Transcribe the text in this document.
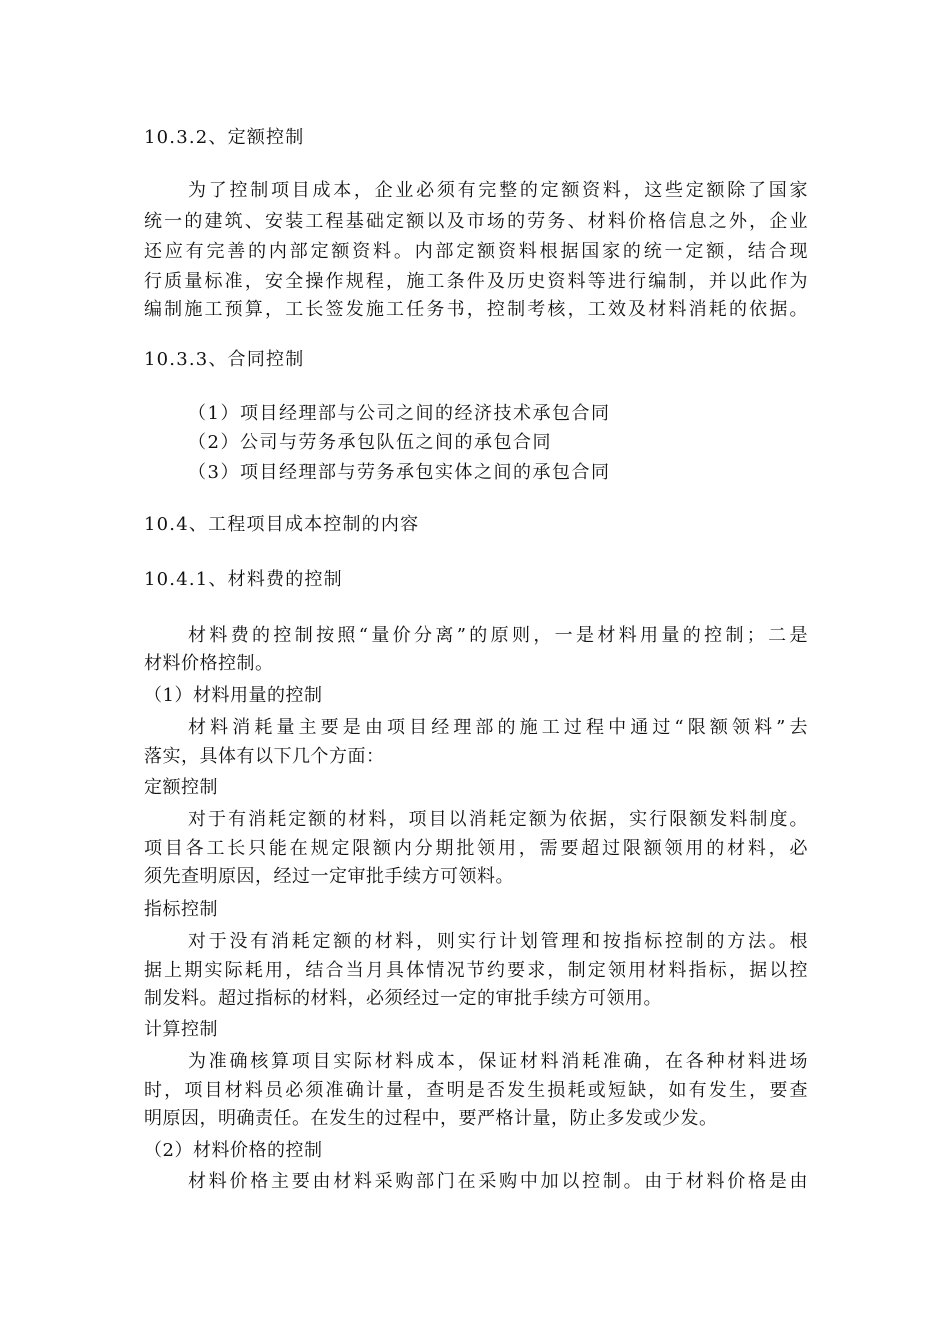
10.3.2、定额控制
为了控制项目成本，企业必须有完整的定额资料，这些定额除了国家
统一的建筑、安装工程基础定额以及市场的劳务、材料价格信息之外，企业
还应有完善的内部定额资料。内部定额资料根据国家的统一定额，结合现
行质量标准，安全操作规程，施工条件及历史资料等进行编制，并以此作为
编制施工预算，工长签发施工任务书，控制考核，工效及材料消耗的依据。
10.3.3、合同控制
（1）项目经理部与公司之间的经济技术承包合同
（2）公司与劳务承包队伍之间的承包合同
（3）项目经理部与劳务承包实体之间的承包合同
10.4、工程项目成本控制的内容
10.4.1、材料费的控制
材料费的控制按照“量价分离”的原则，一是材料用量的控制；二是
材料价格控制。
（1）材料用量的控制
材料消耗量主要是由项目经理部的施工过程中通过“限额领料”去
落实，具体有以下几个方面：
定额控制
对于有消耗定额的材料，项目以消耗定额为依据，实行限额发料制度。
项目各工长只能在规定限额内分期批领用，需要超过限额领用的材料，必
须先查明原因，经过一定审批手续方可领料。
指标控制
对于没有消耗定额的材料，则实行计划管理和按指标控制的方法。根
据上期实际耗用，结合当月具体情况节约要求，制定领用材料指标，据以控
制发料。超过指标的材料，必须经过一定的审批手续方可领用。
计算控制
为准确核算项目实际材料成本，保证材料消耗准确，在各种材料进场
时，项目材料员必须准确计量，查明是否发生损耗或短缺，如有发生，要查
明原因，明确责任。在发生的过程中，要严格计量，防止多发或少发。
（2）材料价格的控制
材料价格主要由材料采购部门在采购中加以控制。由于材料价格是由
